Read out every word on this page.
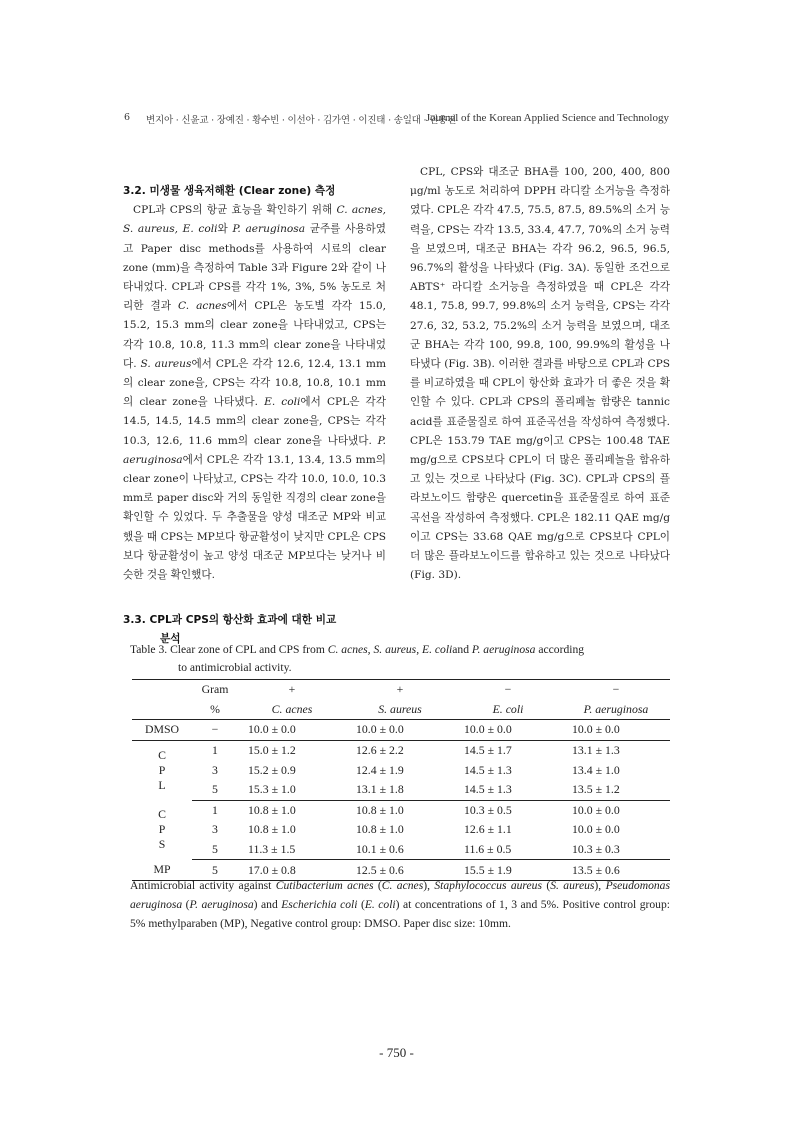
6 변지아 · 신윤교 · 장예진 · 황수빈 · 이선아 · 김가연 · 이진태 · 송일대 · 권용진
Journal of the Korean Applied Science and Technology

3.2. 미생물 생육저해환 (Clear zone) 측정

CPL과 CPS의 항균 효능을 확인하기 위해 C. acnes, S. aureus, E. coli와 P. aeruginosa 균주를 사용하였고 Paper disc methods를 사용하여 시료의 clear zone (mm)을 측정하여 Table 3과 Figure 2와 같이 나타내었다. CPL과 CPS를 각각 1%, 3%, 5% 농도로 처리한 결과 C. acnes에서 CPL은 농도별 각각 15.0, 15.2, 15.3 mm의 clear zone을 나타내었고, CPS는 각각 10.8, 10.8, 11.3 mm의 clear zone을 나타내었다. S. aureus에서 CPL은 각각 12.6, 12.4, 13.1 mm의 clear zone을, CPS는 각각 10.8, 10.8, 10.1 mm의 clear zone을 나타냈다. E. coli에서 CPL은 각각 14.5, 14.5, 14.5 mm의 clear zone을, CPS는 각각 10.3, 12.6, 11.6 mm의 clear zone을 나타냈다. P. aeruginosa에서 CPL은 각각 13.1, 13.4, 13.5 mm의 clear zone이 나타났고, CPS는 각각 10.0, 10.0, 10.3 mm로 paper disc와 거의 동일한 직경의 clear zone을 확인할 수 있었다. 두 추출물을 양성 대조군 MP와 비교했을 때 CPS는 MP보다 항균활성이 낮지만 CPL은 CPS보다 항균활성이 높고 양성 대조군 MP보다는 낮거나 비슷한 것을 확인했다.

3.3. CPL과 CPS의 항산화 효과에 대한 비교
분석

CPL, CPS와 대조군 BHA를 100, 200, 400, 800 μg/ml 농도로 처리하여 DPPH 라디칼 소거능을 측정하였다. CPL은 각각 47.5, 75.5, 87.5, 89.5%의 소거 능력을, CPS는 각각 13.5, 33.4, 47.7, 70%의 소거 능력을 보였으며, 대조군 BHA는 각각 96.2, 96.5, 96.5, 96.7%의 활성을 나타냈다 (Fig. 3A). 동일한 조건으로 ABTS⁺ 라디칼 소거능을 측정하였을 때 CPL은 각각 48.1, 75.8, 99.7, 99.8%의 소거 능력을, CPS는 각각 27.6, 32, 53.2, 75.2%의 소거 능력을 보였으며, 대조군 BHA는 각각 100, 99.8, 100, 99.9%의 활성을 나타냈다 (Fig. 3B). 이러한 결과를 바탕으로 CPL과 CPS를 비교하였을 때 CPL이 항산화 효과가 더 좋은 것을 확인할 수 있다. CPL과 CPS의 폴리페놀 함량은 tannic acid를 표준물질로 하여 표준곡선을 작성하여 측정했다. CPL은 153.79 TAE mg/g이고 CPS는 100.48 TAE mg/g으로 CPS보다 CPL이 더 많은 폴리페놀을 함유하고 있는 것으로 나타났다 (Fig. 3C). CPL과 CPS의 플라보노이드 함량은 quercetin을 표준물질로 하여 표준곡선을 작성하여 측정했다. CPL은 182.11 QAE mg/g이고 CPS는 33.68 QAE mg/g으로 CPS보다 CPL이 더 많은 플라보노이드를 함유하고 있는 것으로 나타났다 (Fig. 3D).

Table 3. Clear zone of CPL and CPS from C. acnes, S. aureus, E. coliand P. aeruginosa according
to antimicrobial activity.
	Gram	+	+	−	−
	%	C. acnes	S. aureus	E. coli	P. aeruginosa
DMSO	−	10.0 ± 0.0	10.0 ± 0.0	10.0 ± 0.0	10.0 ± 0.0
C
P
L	1	15.0 ± 1.2	12.6 ± 2.2	14.5 ± 1.7	13.1 ± 1.3
	3	15.2 ± 0.9	12.4 ± 1.9	14.5 ± 1.3	13.4 ± 1.0
	5	15.3 ± 1.0	13.1 ± 1.8	14.5 ± 1.3	13.5 ± 1.2
C
P
S	1	10.8 ± 1.0	10.8 ± 1.0	10.3 ± 0.5	10.0 ± 0.0
	3	10.8 ± 1.0	10.8 ± 1.0	12.6 ± 1.1	10.0 ± 0.0
	5	11.3 ± 1.5	10.1 ± 0.6	11.6 ± 0.5	10.3 ± 0.3
MP	5	17.0 ± 0.8	12.5 ± 0.6	15.5 ± 1.9	13.5 ± 0.6
Antimicrobial activity against Cutibacterium acnes (C. acnes), Staphylococcus aureus (S. aureus), Pseudomonas aeruginosa (P. aeruginosa) and Escherichia coli (E. coli) at concentrations of 1, 3 and 5%. Positive control group: 5% methylparaben (MP), Negative control group: DMSO. Paper disc size: 10mm.
- 750 -
